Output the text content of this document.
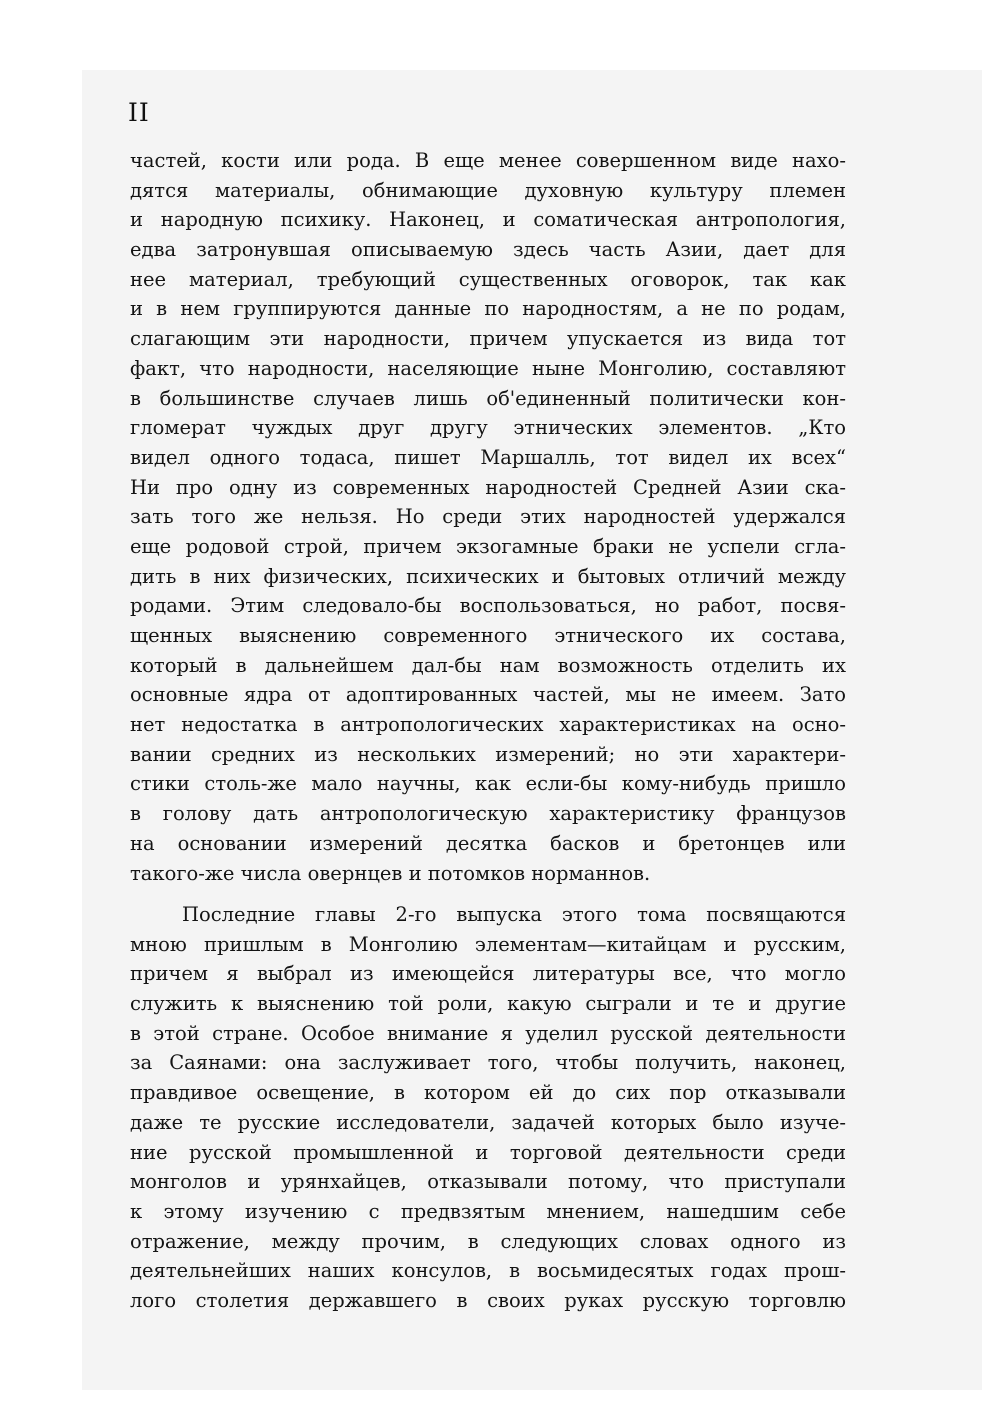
II
частей, кости или рода. В еще менее совершенном виде нахо-
дятся материалы, обнимающие духовную культуру племен
и народную психику. Наконец, и соматическая антропология,
едва затронувшая описываемую здесь часть Азии, дает для
нее материал, требующий существенных оговорок, так как
и в нем группируются данные по народностям, а не по родам,
слагающим эти народности, причем упускается из вида тот
факт, что народности, населяющие ныне Монголию, составляют
в большинстве случаев лишь об'единенный политически кон-
гломерат чуждых друг другу этнических элементов. „Кто
видел одного тодаса, пишет Маршалль, тот видел их всех“
Ни про одну из современных народностей Средней Азии ска-
зать того же нельзя. Но среди этих народностей удержался
еще родовой строй, причем экзогамные браки не успели сгла-
дить в них физических, психических и бытовых отличий между
родами. Этим следовало-бы воспользоваться, но работ, посвя-
щенных выяснению современного этнического их состава,
который в дальнейшем дал-бы нам возможность отделить их
основные ядра от адоптированных частей, мы не имеем. Зато
нет недостатка в антропологических характеристиках на осно-
вании средних из нескольких измерений; но эти характери-
стики столь-же мало научны, как если-бы кому-нибудь пришло
в голову дать антропологическую характеристику французов
на основании измерений десятка басков и бретонцев или
такого-же числа овернцев и потомков норманнов.
Последние главы 2-го выпуска этого тома посвящаются
мною пришлым в Монголию элементам—китайцам и русским,
причем я выбрал из имеющейся литературы все, что могло
служить к выяснению той роли, какую сыграли и те и другие
в этой стране. Особое внимание я уделил русской деятельности
за Саянами: она заслуживает того, чтобы получить, наконец,
правдивое освещение, в котором ей до сих пор отказывали
даже те русские исследователи, задачей которых было изуче-
ние русской промышленной и торговой деятельности среди
монголов и урянхайцев, отказывали потому, что приступали
к этому изучению с предвзятым мнением, нашедшим себе
отражение, между прочим, в следующих словах одного из
деятельнейших наших консулов, в восьмидесятых годах прош-
лого столетия державшего в своих руках русскую торговлю
